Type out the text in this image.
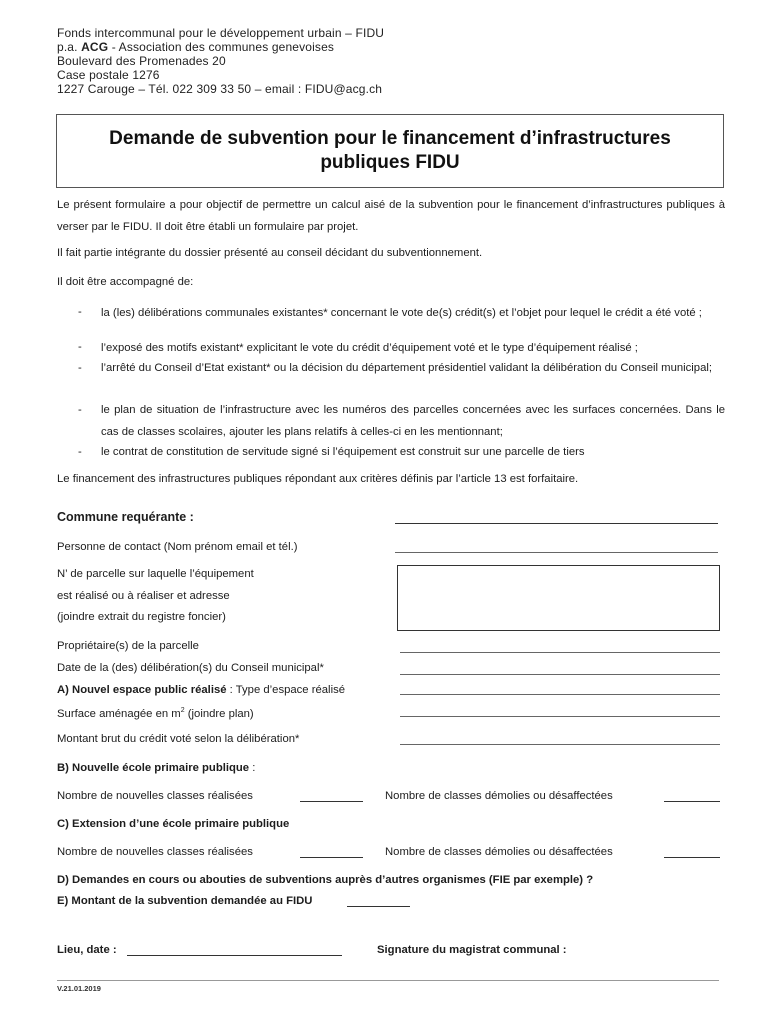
Fonds intercommunal pour le développement urbain – FIDU
p.a. ACG - Association des communes genevoises
Boulevard des Promenades 20
Case postale 1276
1227 Carouge – Tél. 022 309 33 50 – email : FIDU@acg.ch
Demande de subvention pour le financement d’infrastructures
publiques FIDU
Le présent formulaire a pour objectif de permettre un calcul aisé de la subvention pour le financement d’infrastructures publiques à verser par le FIDU. Il doit être établi un formulaire par projet.
Il fait partie intégrante du dossier présenté au conseil décidant du subventionnement.
Il doit être accompagné de:
- la (les) délibérations communales existantes* concernant le vote de(s) crédit(s) et l’objet pour lequel le crédit a été voté ;
- l’exposé des motifs existant* explicitant le vote du crédit d’équipement voté et le type d’équipement réalisé ;
- l’arrêté du Conseil d’Etat existant* ou la décision du département présidentiel validant la délibération du Conseil municipal;
- le plan de situation de l’infrastructure avec les numéros des parcelles concernées avec les surfaces concernées. Dans le cas de classes scolaires, ajouter les plans relatifs à celles-ci en les mentionnant;
- le contrat de constitution de servitude signé si l’équipement est construit sur une parcelle de tiers
Le financement des infrastructures publiques répondant aux critères définis par l’article 13 est forfaitaire.
Commune requérante :
Personne de contact (Nom prénom email et tél.)
N’ de parcelle sur laquelle l’équipement
est réalisé ou à réaliser et adresse
(joindre extrait du registre foncier)
Propriétaire(s) de la parcelle
Date de la (des) délibération(s) du Conseil municipal*
A) Nouvel espace public réalisé : Type d’espace réalisé
Surface aménagée en $m^2$ (joindre plan)
Montant brut du crédit voté selon la délibération*
B) Nouvelle école primaire publique :
Nombre de nouvelles classes réalisées	Nombre de classes démolies ou désaffectées
C) Extension d’une école primaire publique
Nombre de nouvelles classes réalisées	Nombre de classes démolies ou désaffectées
D) Demandes en cours ou abouties de subventions auprès d’autres organismes (FIE par exemple) ?
E) Montant de la subvention demandée au FIDU
Lieu, date :	Signature du magistrat communal :
V.21.01.2019
